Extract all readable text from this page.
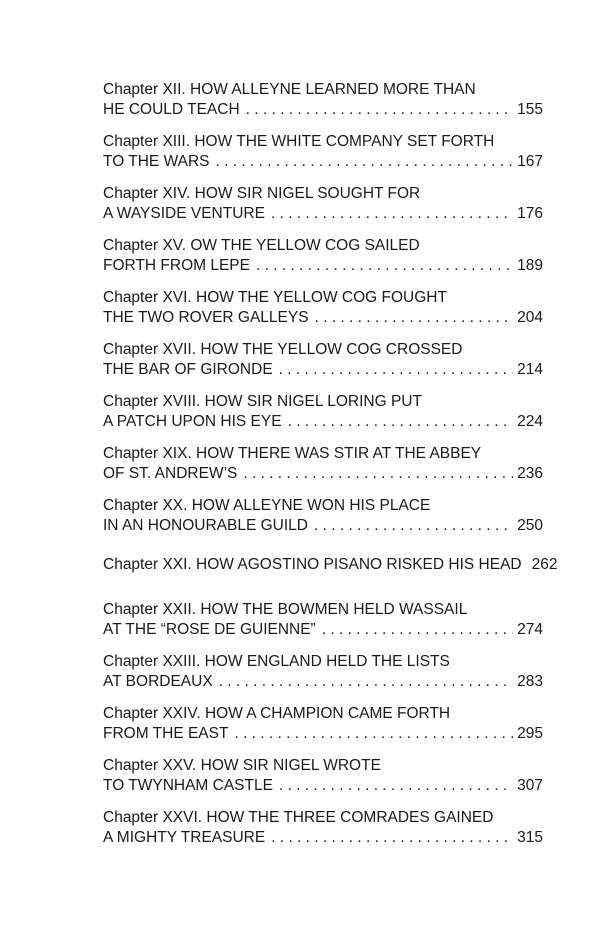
Chapter XII. HOW ALLEYNE LEARNED MORE THAN
HE COULD TEACH . . .	155
Chapter XIII. HOW THE WHITE COMPANY SET FORTH
TO THE WARS . . .	167
Chapter XIV. HOW SIR NIGEL SOUGHT FOR
A WAYSIDE VENTURE . . .	176
Chapter XV. OW THE YELLOW COG SAILED
FORTH FROM LEPE . . .	189
Chapter XVI. HOW THE YELLOW COG FOUGHT
THE TWO ROVER GALLEYS . . .	204
Chapter XVII. HOW THE YELLOW COG CROSSED
THE BAR OF GIRONDE . . .	214
Chapter XVIII. HOW SIR NIGEL LORING PUT
A PATCH UPON HIS EYE . . .	224
Chapter XIX. HOW THERE WAS STIR AT THE ABBEY
OF ST. ANDREW’S . . .	236
Chapter XX. HOW ALLEYNE WON HIS PLACE
IN AN HONOURABLE GUILD . . .	250
Chapter XXI. HOW AGOSTINO PISANO RISKED HIS HEAD 262
Chapter XXII. HOW THE BOWMEN HELD WASSAIL
AT THE “ROSE DE GUIENNE” . . .	274
Chapter XXIII. HOW ENGLAND HELD THE LISTS
AT BORDEAUX . . .	283
Chapter XXIV. HOW A CHAMPION CAME FORTH
FROM THE EAST . . .	295
Chapter XXV. HOW SIR NIGEL WROTE
TO TWYNHAM CASTLE . . .	307
Chapter XXVI. HOW THE THREE COMRADES GAINED
A MIGHTY TREASURE . . .	315
